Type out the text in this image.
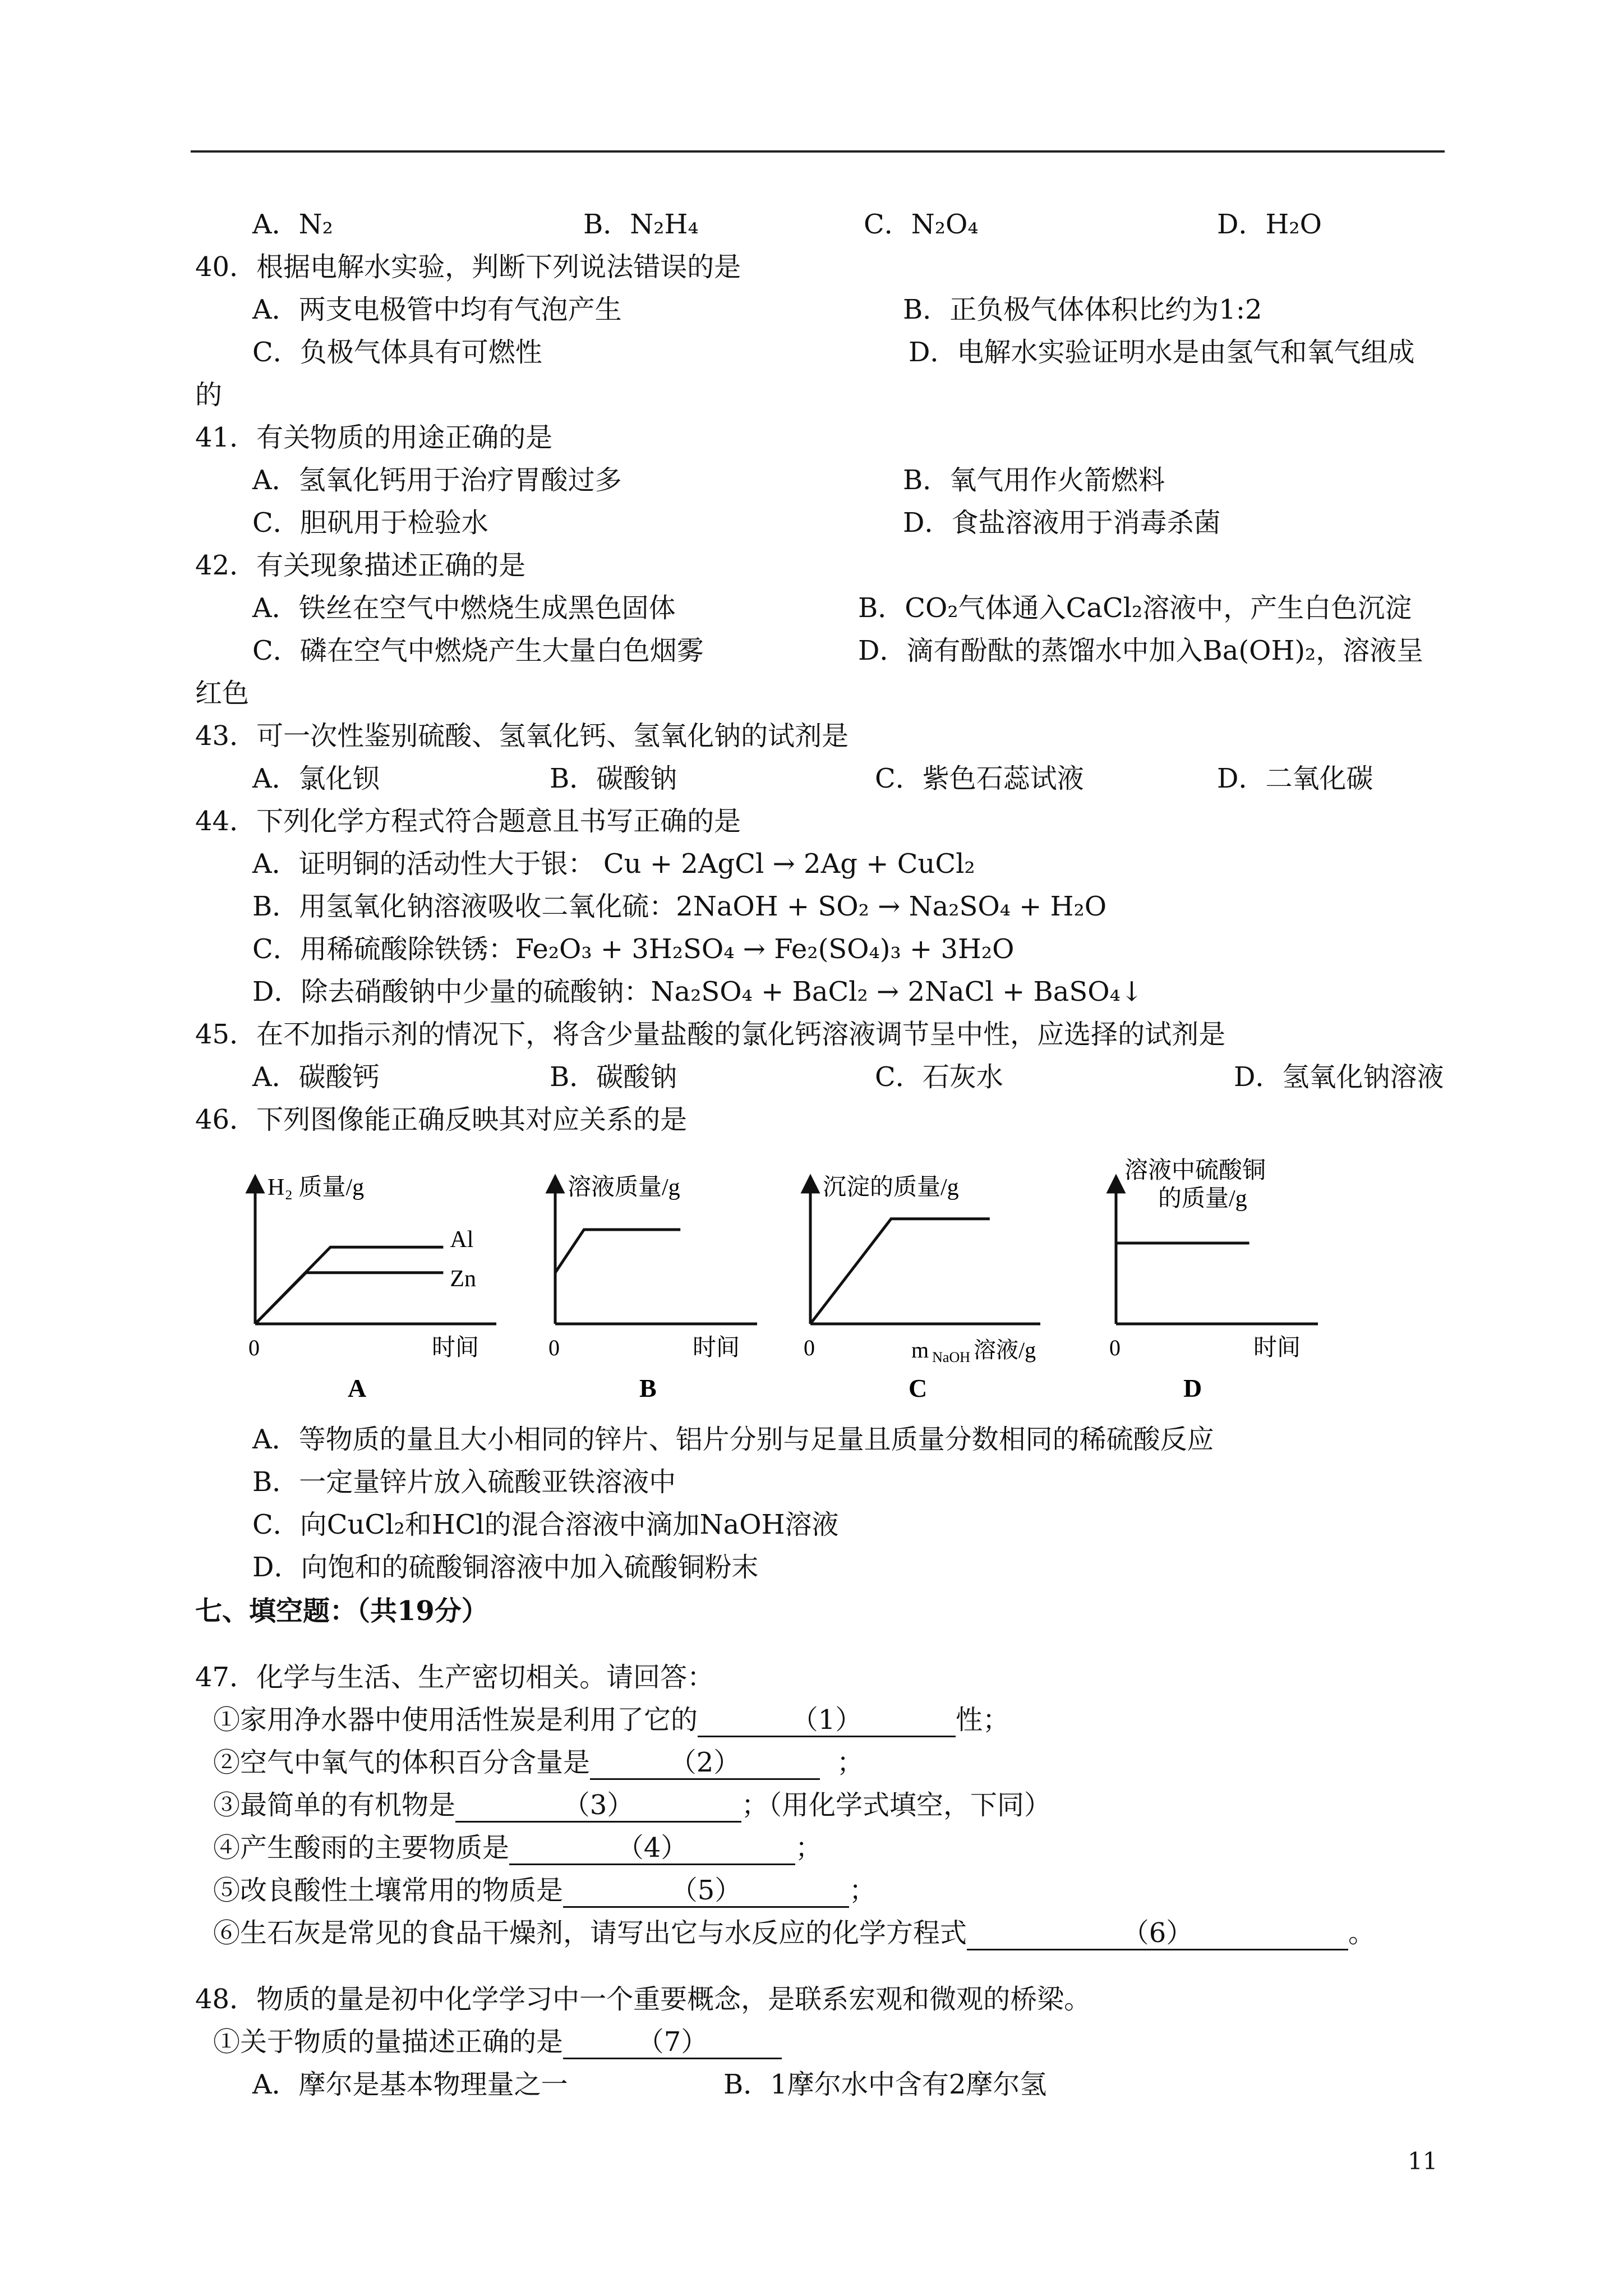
A．N₂	B．N₂H₄	C．N₂O₄	D．H₂O
40．根据电解水实验，判断下列说法错误的是
A．两支电极管中均有气泡产生	B．正负极气体体积比约为1:2
C．负极气体具有可燃性	D．电解水实验证明水是由氢气和氧气组成
的
41．有关物质的用途正确的是
A．氢氧化钙用于治疗胃酸过多	B．氧气用作火箭燃料
C．胆矾用于检验水	D．食盐溶液用于消毒杀菌
42．有关现象描述正确的是
A．铁丝在空气中燃烧生成黑色固体	B．CO₂气体通入CaCl₂溶液中，产生白色沉淀
C．磷在空气中燃烧产生大量白色烟雾	D．滴有酚酞的蒸馏水中加入Ba(OH)₂，溶液呈
红色
43．可一次性鉴别硫酸、氢氧化钙、氢氧化钠的试剂是
A．氯化钡	B．碳酸钠	C．紫色石蕊试液	D．二氧化碳
44．下列化学方程式符合题意且书写正确的是
A．证明铜的活动性大于银： Cu + 2AgCl → 2Ag + CuCl₂
B．用氢氧化钠溶液吸收二氧化硫：2NaOH + SO₂ → Na₂SO₄ + H₂O
C．用稀硫酸除铁锈：Fe₂O₃ + 3H₂SO₄ → Fe₂(SO₄)₃ + 3H₂O
D．除去硝酸钠中少量的硫酸钠：Na₂SO₄ + BaCl₂ → 2NaCl + BaSO₄↓
45．在不加指示剂的情况下，将含少量盐酸的氯化钙溶液调节呈中性，应选择的试剂是
A．碳酸钙	B．碳酸钠	C．石灰水	D．氢氧化钠溶液
46．下列图像能正确反映其对应关系的是
H₂ 质量/g
0	时间
A
Al
Zn
溶液质量/g
0	时间
B
沉淀的质量/g
0	m $_{NaOH}$ 溶液/g
C
溶液中硫酸铜
的质量/g
0	时间
D
A．等物质的量且大小相同的锌片、铝片分别与足量且质量分数相同的稀硫酸反应
B．一定量锌片放入硫酸亚铁溶液中
C．向CuCl₂和HCl的混合溶液中滴加NaOH溶液
D．向饱和的硫酸铜溶液中加入硫酸铜粉末
七、填空题：（共19分）
47．化学与生活、生产密切相关。请回答：
①家用净水器中使用活性炭是利用了它的	（1）	性；
②空气中氧气的体积百分含量是	（2）	；
③最简单的有机物是	（3）	；（用化学式填空，下同）
④产生酸雨的主要物质是	（4）	；
⑤改良酸性土壤常用的物质是	（5）	；
⑥生石灰是常见的食品干燥剂，请写出它与水反应的化学方程式	（6）	。
48．物质的量是初中化学学习中一个重要概念，是联系宏观和微观的桥梁。
①关于物质的量描述正确的是	（7）
A．摩尔是基本物理量之一	B．1摩尔水中含有2摩尔氢
11
